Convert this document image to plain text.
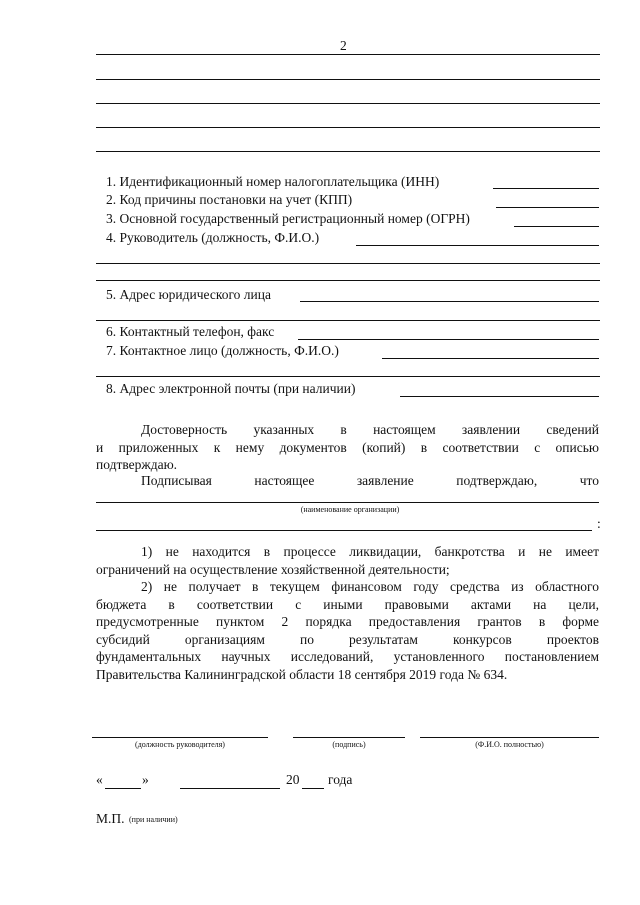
2
1. Идентификационный номер налогоплательщика (ИНН)
2. Код причины постановки на учет (КПП)
3. Основной государственный регистрационный номер (ОГРН)
4. Руководитель (должность, Ф.И.О.)
5. Адрес юридического лица
6. Контактный телефон, факс
7. Контактное лицо (должность, Ф.И.О.)
8. Адрес электронной почты (при наличии)
Достоверность указанных в настоящем заявлении сведений
и приложенных к нему документов (копий) в соответствии с описью
подтверждаю.
Подписывая настоящее заявление подтверждаю, что
(наименование организации)
:
1) не находится в процессе ликвидации, банкротства и не имеет
ограничений на осуществление хозяйственной деятельности;
2) не получает в текущем финансовом году средства из областного
бюджета в соответствии с иными правовыми актами на цели,
предусмотренные пунктом 2 порядка предоставления грантов в форме
субсидий организациям по результатам конкурсов проектов
фундаментальных научных исследований, установленного постановлением
Правительства Калининградской области 18 сентября 2019 года № 634.
(должность руководителя)	(подпись)	(Ф.И.О. полностью)
«	»	20 года
М.П. (при наличии)
